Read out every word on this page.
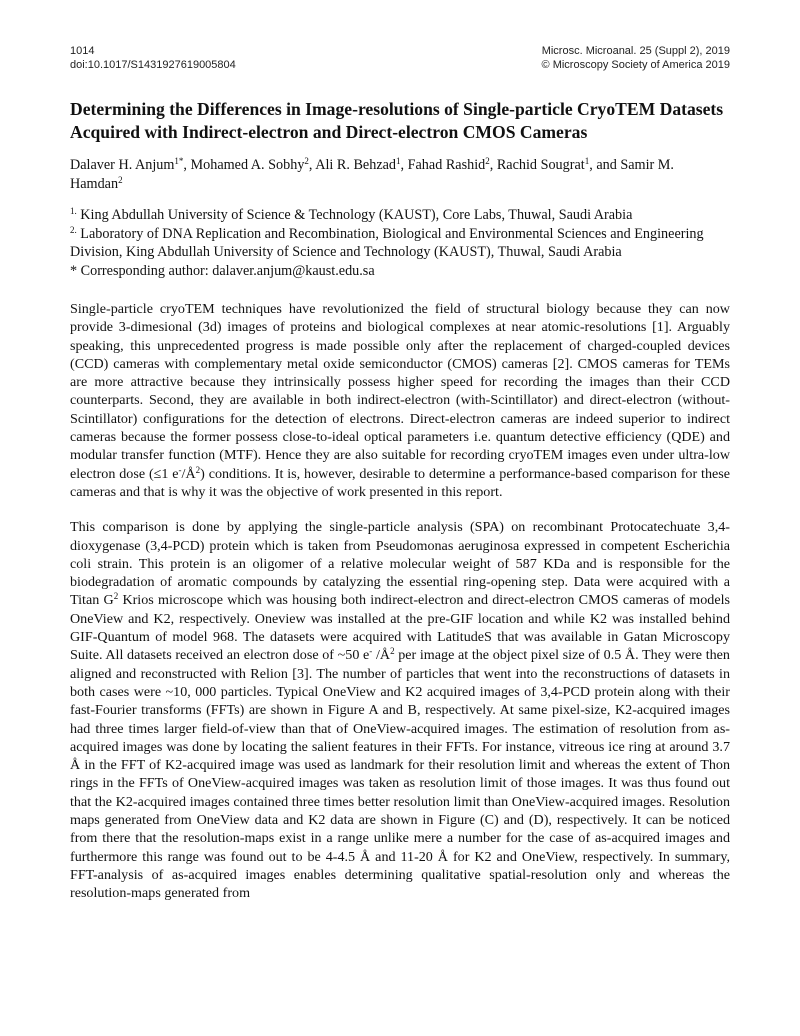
1014
doi:10.1017/S1431927619005804
Microsc. Microanal. 25 (Suppl 2), 2019
© Microscopy Society of America 2019
Determining the Differences in Image-resolutions of Single-particle CryoTEM Datasets Acquired with Indirect-electron and Direct-electron CMOS Cameras
Dalaver H. Anjum$^{1*}$, Mohamed A. Sobhy$^2$, Ali R. Behzad$^1$, Fahad Rashid$^2$, Rachid Sougrat$^1$, and Samir M. Hamdan$^2$
$^{1.}$ King Abdullah University of Science & Technology (KAUST), Core Labs, Thuwal, Saudi Arabia
$^{2.}$ Laboratory of DNA Replication and Recombination, Biological and Environmental Sciences and Engineering Division, King Abdullah University of Science and Technology (KAUST), Thuwal, Saudi Arabia
* Corresponding author: dalaver.anjum@kaust.edu.sa

Single-particle cryoTEM techniques have revolutionized the field of structural biology because they can now provide 3-dimesional (3d) images of proteins and biological complexes at near atomic-resolutions [1]. Arguably speaking, this unprecedented progress is made possible only after the replacement of charged-coupled devices (CCD) cameras with complementary metal oxide semiconductor (CMOS) cameras [2]. CMOS cameras for TEMs are more attractive because they intrinsically possess higher speed for recording the images than their CCD counterparts. Second, they are available in both indirect-electron (with-Scintillator) and direct-electron (without-Scintillator) configurations for the detection of electrons. Direct-electron cameras are indeed superior to indirect cameras because the former possess close-to-ideal optical parameters i.e. quantum detective efficiency (QDE) and modular transfer function (MTF). Hence they are also suitable for recording cryoTEM images even under ultra-low electron dose (≤1 $e^-/Å^2$) conditions. It is, however, desirable to determine a performance-based comparison for these cameras and that is why it was the objective of work presented in this report.

This comparison is done by applying the single-particle analysis (SPA) on recombinant Protocatechuate 3,4-dioxygenase (3,4-PCD) protein which is taken from Pseudomonas aeruginosa expressed in competent Escherichia coli strain. This protein is an oligomer of a relative molecular weight of 587 KDa and is responsible for the biodegradation of aromatic compounds by catalyzing the essential ring-opening step. Data were acquired with a Titan $G^2$ Krios microscope which was housing both indirect-electron and direct-electron CMOS cameras of models OneView and K2, respectively. Oneview was installed at the pre-GIF location and while K2 was installed behind GIF-Quantum of model 968. The datasets were acquired with LatitudeS that was available in Gatan Microscopy Suite. All datasets received an electron dose of ~50 e- $/Å^2$ per image at the object pixel size of 0.5 Å. They were then aligned and reconstructed with Relion [3]. The number of particles that went into the reconstructions of datasets in both cases were ~10, 000 particles. Typical OneView and K2 acquired images of 3,4-PCD protein along with their fast-Fourier transforms (FFTs) are shown in Figure A and B, respectively. At same pixel-size, K2-acquired images had three times larger field-of-view than that of OneView-acquired images. The estimation of resolution from as-acquired images was done by locating the salient features in their FFTs. For instance, vitreous ice ring at around 3.7 Å in the FFT of K2-acquired image was used as landmark for their resolution limit and whereas the extent of Thon rings in the FFTs of OneView-acquired images was taken as resolution limit of those images. It was thus found out that the K2-acquired images contained three times better resolution limit than OneView-acquired images. Resolution maps generated from OneView data and K2 data are shown in Figure (C) and (D), respectively. It can be noticed from there that the resolution-maps exist in a range unlike mere a number for the case of as-acquired images and furthermore this range was found out to be 4-4.5 Å and 11-20 Å for K2 and OneView, respectively. In summary, FFT-analysis of as-acquired images enables determining qualitative spatial-resolution only and whereas the resolution-maps generated from
